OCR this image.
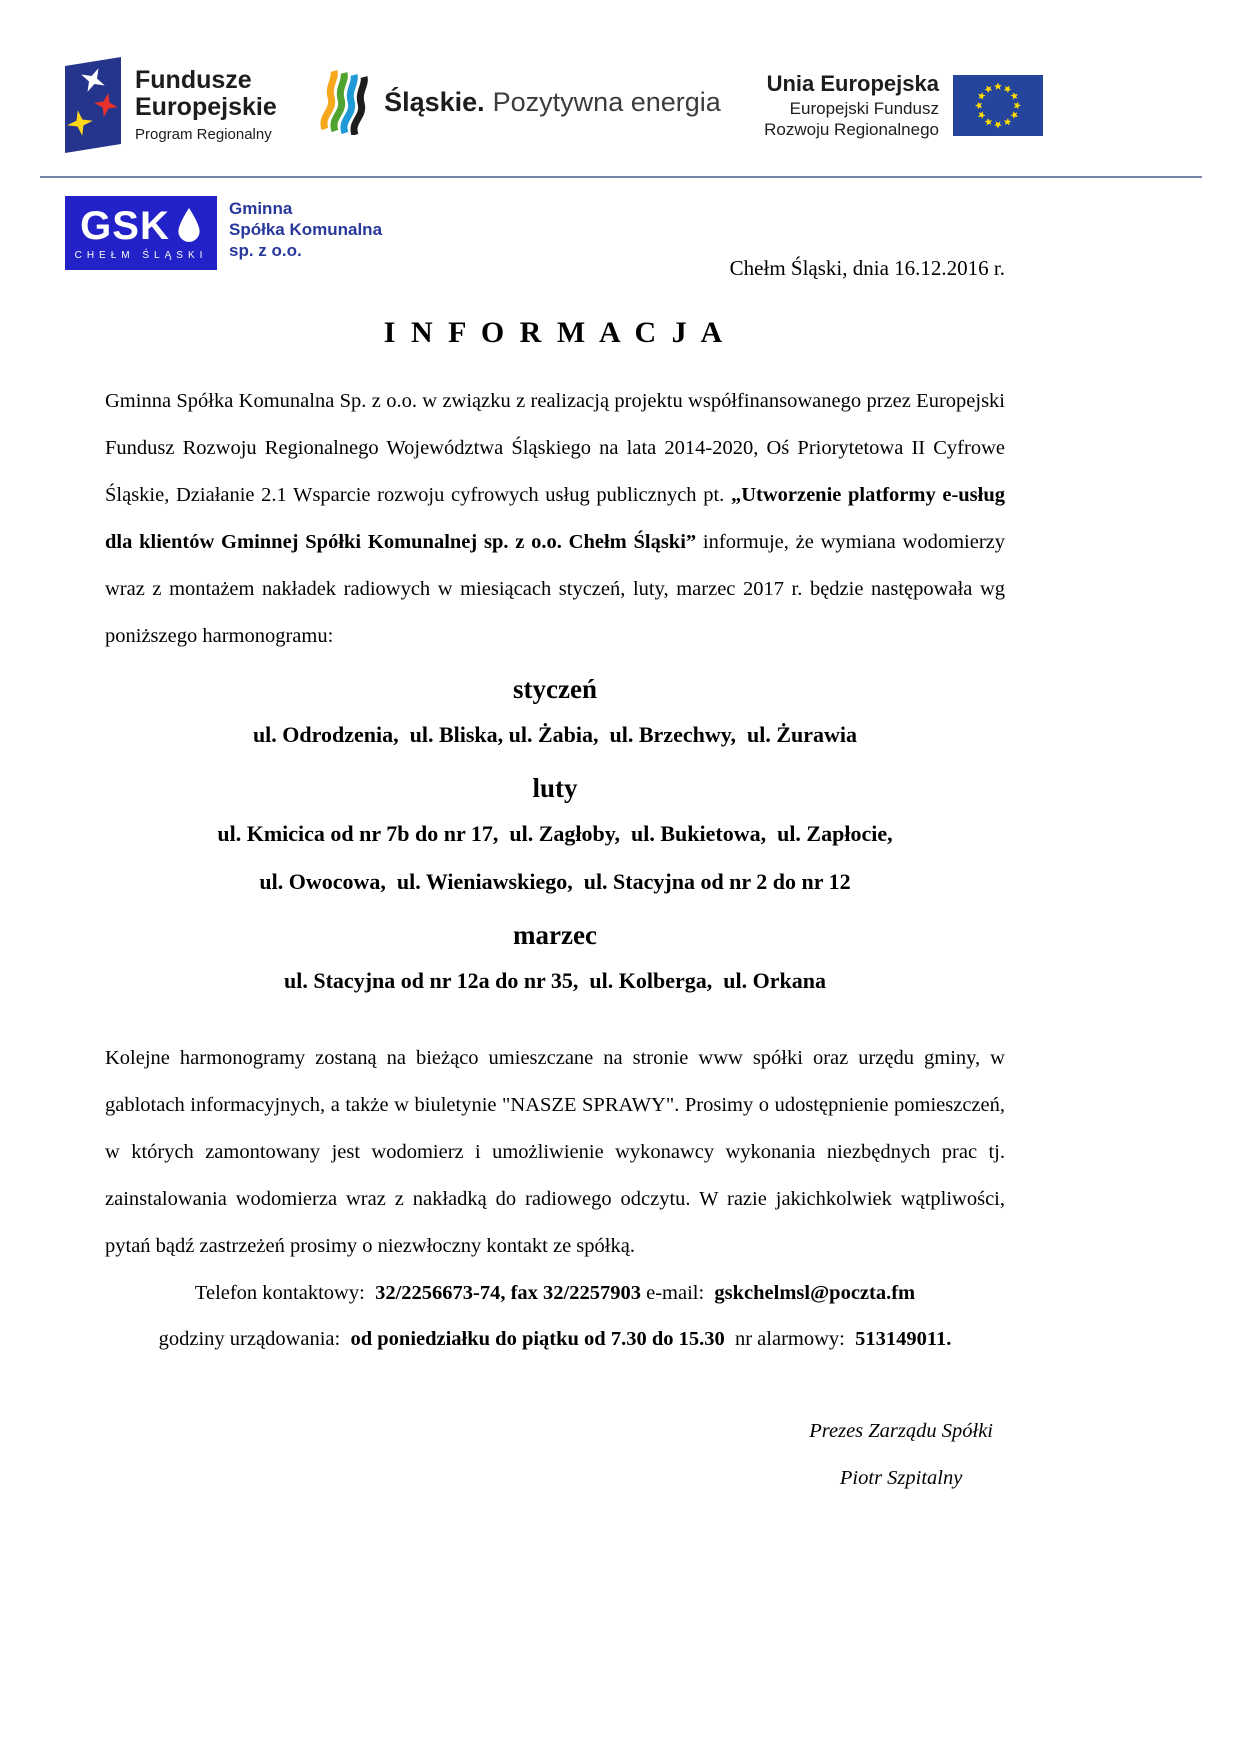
Fundusze
Europejskie
Program Regionalny
Śląskie. Pozytywna energia
Unia Europejska
Europejski Fundusz
Rozwoju Regionalnego
GSK
CHEŁM ŚLĄSKI
Gminna
Spółka Komunalna
sp. z o.o.
Chełm Śląski, dnia 16.12.2016 r.
I N F O R M A C J A

Gminna Spółka Komunalna Sp. z o.o. w związku z realizacją projektu współfinansowanego przez Europejski Fundusz Rozwoju Regionalnego Województwa Śląskiego na lata 2014-2020, Oś Priorytetowa II Cyfrowe Śląskie, Działanie 2.1 Wsparcie rozwoju cyfrowych usług publicznych pt. „Utworzenie platformy e-usług dla klientów Gminnej Spółki Komunalnej sp. z o.o. Chełm Śląski” informuje, że wymiana wodomierzy wraz z montażem nakładek radiowych w miesiącach styczeń, luty, marzec 2017 r. będzie następowała wg poniższego harmonogramu:

styczeń

ul. Odrodzenia,  ul. Bliska, ul. Żabia,  ul. Brzechwy,  ul. Żurawia

luty

ul. Kmicica od nr 7b do nr 17,  ul. Zagłoby,  ul. Bukietowa,  ul. Zapłocie,
ul. Owocowa,  ul. Wieniawskiego,  ul. Stacyjna od nr 2 do nr 12

marzec

ul. Stacyjna od nr 12a do nr 35,  ul. Kolberga,  ul. Orkana

Kolejne harmonogramy zostaną na bieżąco umieszczane na stronie www spółki oraz urzędu gminy, w gablotach informacyjnych, a także w biuletynie "NASZE SPRAWY". Prosimy o udostępnienie pomieszczeń, w których zamontowany jest wodomierz i umożliwienie wykonawcy wykonania niezbędnych prac tj. zainstalowania wodomierza wraz z nakładką do radiowego odczytu. W razie jakichkolwiek wątpliwości, pytań bądź zastrzeżeń prosimy o niezwłoczny kontakt ze spółką.

Telefon kontaktowy:  32/2256673-74, fax 32/2257903 e-mail:  gskchelmsl@poczta.fm

godziny urządowania:  od poniedziałku do piątku od 7.30 do 15.30  nr alarmowy:  513149011.

Prezes Zarządu Spółki
Piotr Szpitalny
